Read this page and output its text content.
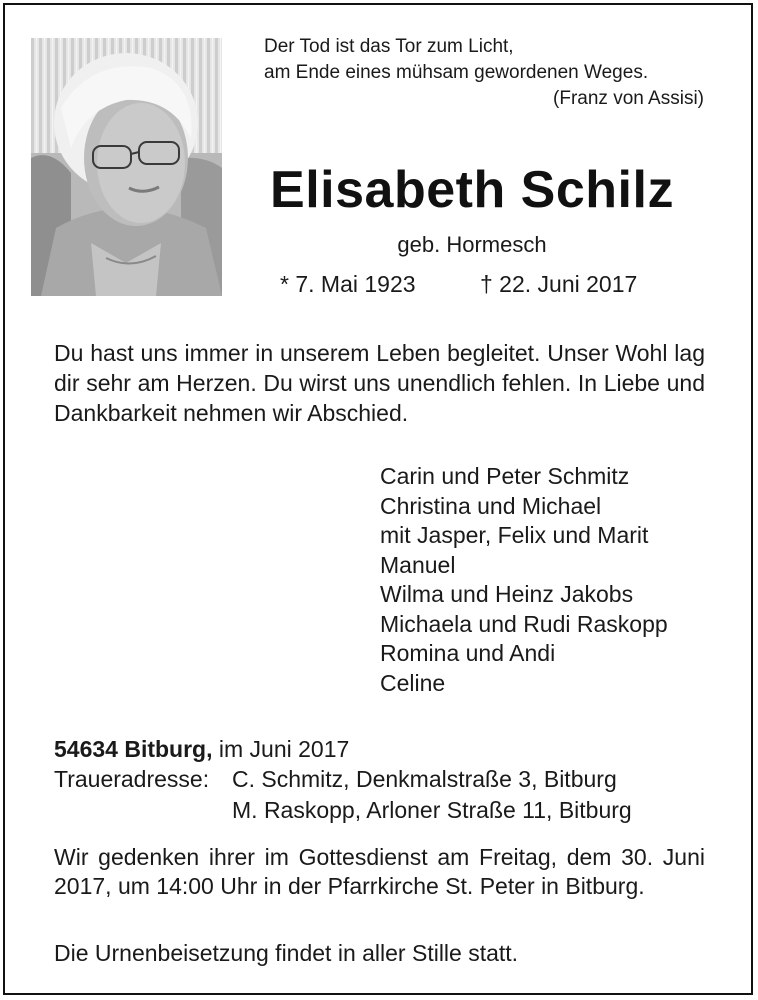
Der Tod ist das Tor zum Licht,
am Ende eines mühsam gewordenen Weges.
(Franz von Assisi)
Elisabeth Schilz
geb. Hormesch
* 7. Mai 1923	† 22. Juni 2017
Du hast uns immer in unserem Leben begleitet. Unser Wohl lag dir sehr am Herzen. Du wirst uns unendlich fehlen. In Liebe und Dankbarkeit nehmen wir Abschied.
Carin und Peter Schmitz
Christina und Michael
mit Jasper, Felix und Marit
Manuel
Wilma und Heinz Jakobs
Michaela und Rudi Raskopp
Romina und Andi
Celine
54634 Bitburg, im Juni 2017
Traueradresse: C. Schmitz, Denkmalstraße 3, Bitburg
M. Raskopp, Arloner Straße 11, Bitburg
Wir gedenken ihrer im Gottesdienst am Freitag, dem 30. Juni 2017, um 14:00 Uhr in der Pfarrkirche St. Peter in Bitburg.
Die Urnenbeisetzung findet in aller Stille statt.
